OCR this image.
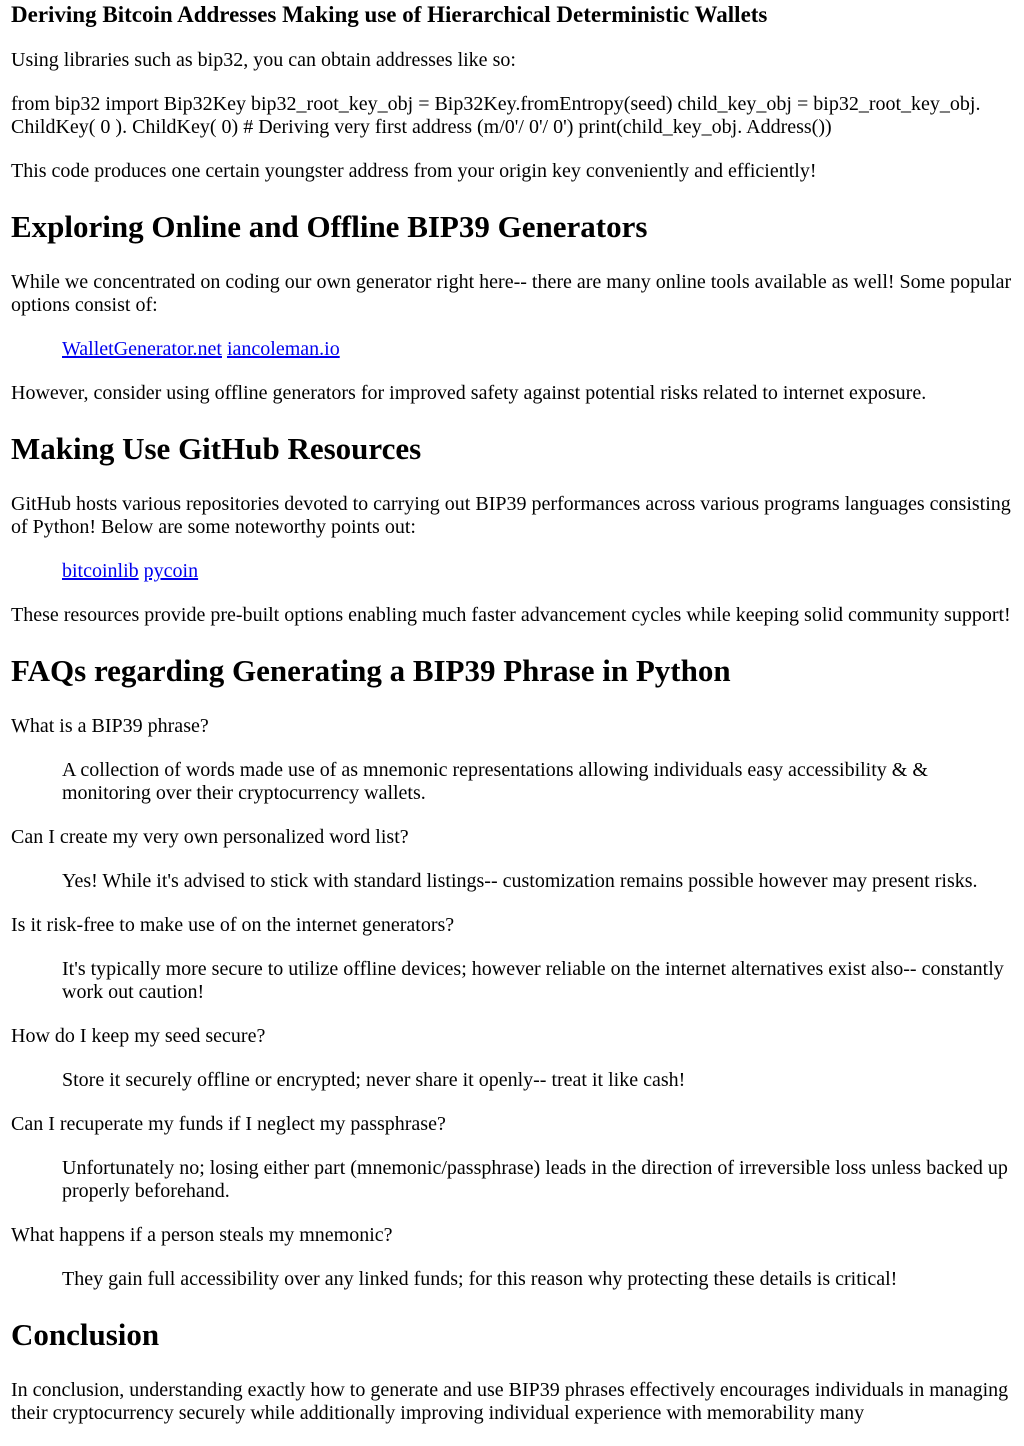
Deriving Bitcoin Addresses Making use of Hierarchical Deterministic Wallets

Using libraries such as bip32, you can obtain addresses like so:

from bip32 import Bip32Key bip32_root_key_obj = Bip32Key.fromEntropy(seed) child_key_obj = bip32_root_key_obj. ChildKey( 0 ). ChildKey( 0) # Deriving very first address (m/0'/ 0'/ 0') print(child_key_obj. Address())

This code produces one certain youngster address from your origin key conveniently and efficiently!

Exploring Online and Offline BIP39 Generators

While we concentrated on coding our own generator right here-- there are many online tools available as well! Some popular options consist of:

WalletGenerator.net iancoleman.io

However, consider using offline generators for improved safety against potential risks related to internet exposure.

Making Use GitHub Resources

GitHub hosts various repositories devoted to carrying out BIP39 performances across various programs languages consisting of Python! Below are some noteworthy points out:

bitcoinlib pycoin

These resources provide pre-built options enabling much faster advancement cycles while keeping solid community support!

FAQs regarding Generating a BIP39 Phrase in Python

What is a BIP39 phrase?

A collection of words made use of as mnemonic representations allowing individuals easy accessibility & & monitoring over their cryptocurrency wallets.

Can I create my very own personalized word list?

Yes! While it's advised to stick with standard listings-- customization remains possible however may present risks.

Is it risk-free to make use of on the internet generators?

It's typically more secure to utilize offline devices; however reliable on the internet alternatives exist also-- constantly work out caution!

How do I keep my seed secure?

Store it securely offline or encrypted; never share it openly-- treat it like cash!

Can I recuperate my funds if I neglect my passphrase?

Unfortunately no; losing either part (mnemonic/passphrase) leads in the direction of irreversible loss unless backed up properly beforehand.

What happens if a person steals my mnemonic?

They gain full accessibility over any linked funds; for this reason why protecting these details is critical!

Conclusion

In conclusion, understanding exactly how to generate and use BIP39 phrases effectively encourages individuals in managing their cryptocurrency securely while additionally improving individual experience with memorability many
